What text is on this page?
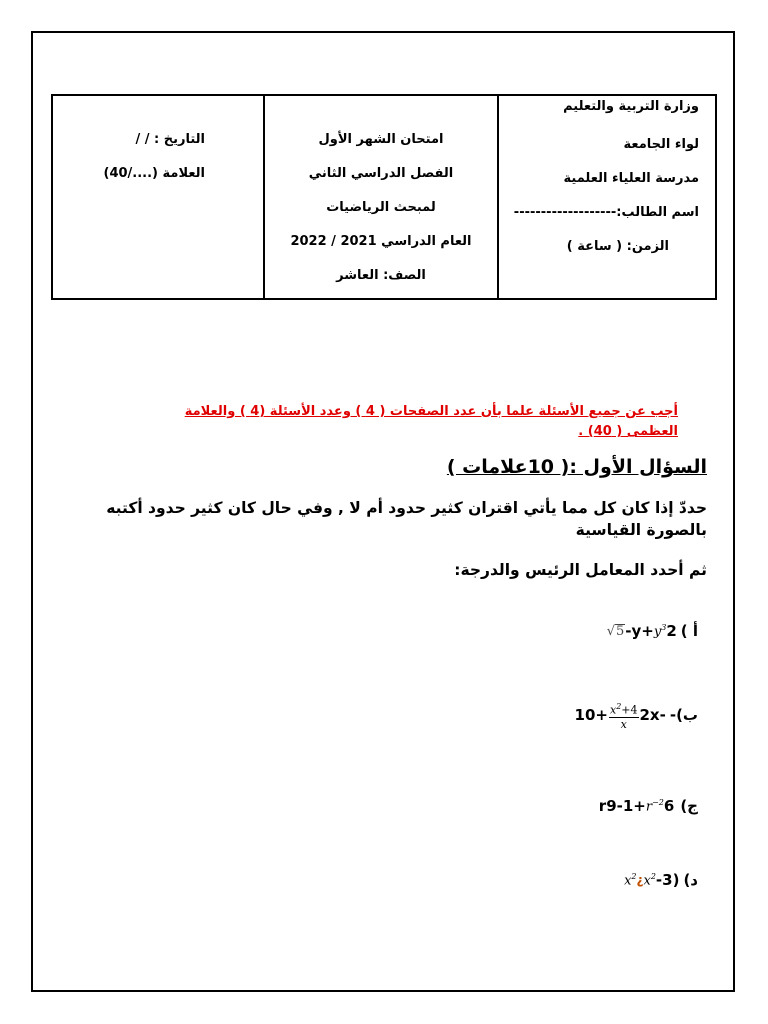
وزارة التربية والتعليم
لواء الجامعة
مدرسة العلياء العلمية
اسم الطالب:-------------------
الزمن: ( ساعة )
امتحان الشهر الأول
الفصل الدراسي الثاني
لمبحث الرياضيات
العام الدراسي 2021 / 2022
الصف: العاشر
التاريخ : / /
العلامة (..../40)
أجب عن جميع الأسئلة علما بأن عدد الصفحات ( 4 ) وعدد الأسئلة (4 ) والعلامة العظمى ( 40) .
السؤال الأول :( 10علامات )
حددّ إذا كان كل مما يأتي اقتران كثير حدود أم لا , وفي حال كان كثير حدود أكتبه بالصورة القياسية
ثم أحدد المعامل الرئيس والدرجة:
√ 5 $-y+ y^3$ 2 أ )
$10+ \frac{x^2+4}{x} 2x-$ ب)-
+1-9r $r^{-2}$ 6 ج)
$x^2$ ¿ $x^2$ (3- د)
